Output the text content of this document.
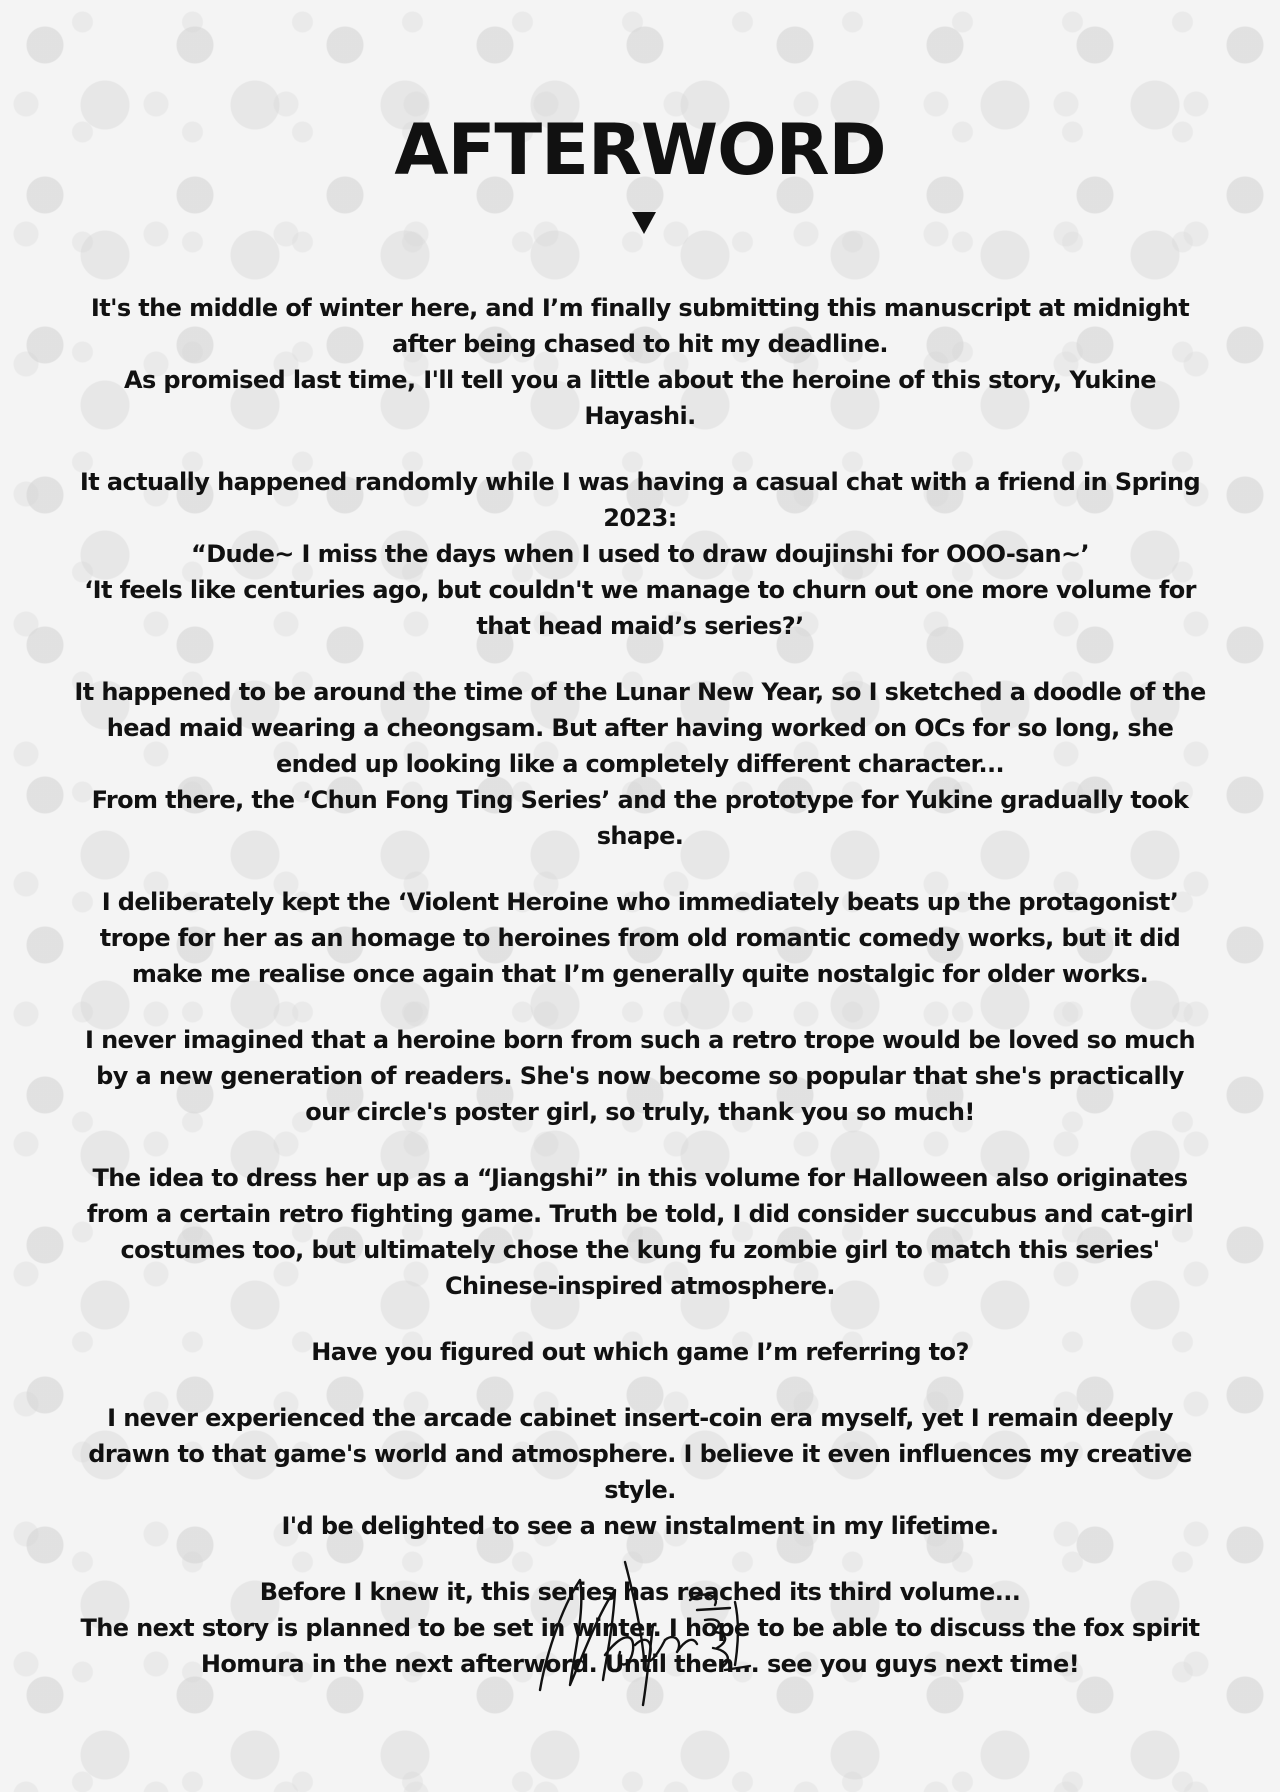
AFTERWORD

It's the middle of winter here, and I’m finally submitting this manuscript at midnight after being chased to hit my deadline.
As promised last time, I'll tell you a little about the heroine of this story, Yukine Hayashi.

It actually happened randomly while I was having a casual chat with a friend in Spring 2023:
“Dude~ I miss the days when I used to draw doujinshi for OOO-san~’
‘It feels like centuries ago, but couldn't we manage to churn out one more volume for that head maid’s series?’

It happened to be around the time of the Lunar New Year, so I sketched a doodle of the head maid wearing a cheongsam. But after having worked on OCs for so long, she ended up looking like a completely different character...
From there, the ‘Chun Fong Ting Series’ and the prototype for Yukine gradually took shape.

I deliberately kept the ‘Violent Heroine who immediately beats up the protagonist’ trope for her as an homage to heroines from old romantic comedy works, but it did make me realise once again that I’m generally quite nostalgic for older works.

I never imagined that a heroine born from such a retro trope would be loved so much by a new generation of readers. She's now become so popular that she's practically our circle's poster girl, so truly, thank you so much!

The idea to dress her up as a “Jiangshi” in this volume for Halloween also originates from a certain retro fighting game. Truth be told, I did consider succubus and cat-girl costumes too, but ultimately chose the kung fu zombie girl to match this series' Chinese-inspired atmosphere.

Have you figured out which game I’m referring to?

I never experienced the arcade cabinet insert-coin era myself, yet I remain deeply drawn to that game's world and atmosphere. I believe it even influences my creative style.
I'd be delighted to see a new instalment in my lifetime.

Before I knew it, this series has reached its third volume...
The next story is planned to be set in winter. I hope to be able to discuss the fox spirit Homura in the next afterword. Until then... see you guys next time!
